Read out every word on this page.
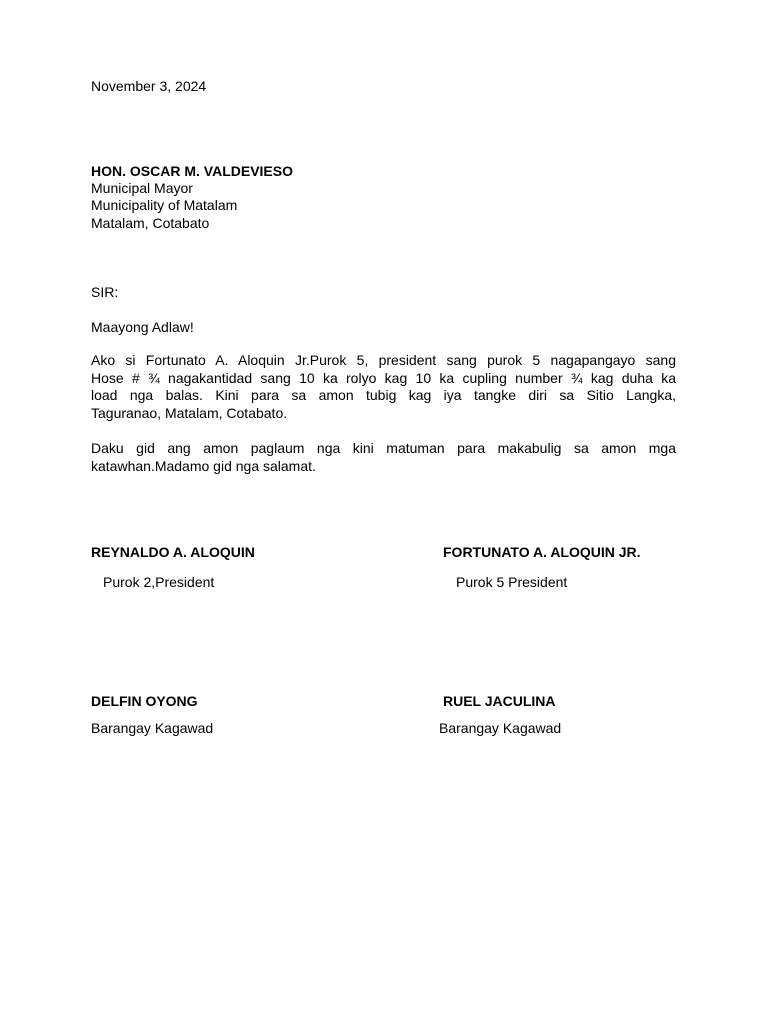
November 3, 2024
HON. OSCAR M. VALDEVIESO
Municipal Mayor
Municipality of Matalam
Matalam, Cotabato
SIR:
Maayong Adlaw!
Ako si Fortunato A. Aloquin Jr.Purok 5, president sang purok 5 nagapangayo sang
Hose # ¾ nagakantidad sang 10 ka rolyo kag 10 ka cupling number ¾ kag duha ka
load nga balas. Kini para sa amon tubig kag iya tangke diri sa Sitio Langka,
Taguranao, Matalam, Cotabato.
Daku gid ang amon paglaum nga kini matuman para makabulig sa amon mga
katawhan.Madamo gid nga salamat.
REYNALDO A. ALOQUIN
Purok 2,President
FORTUNATO A. ALOQUIN JR.
Purok 5 President
DELFIN OYONG
Barangay Kagawad
RUEL JACULINA
Barangay Kagawad
